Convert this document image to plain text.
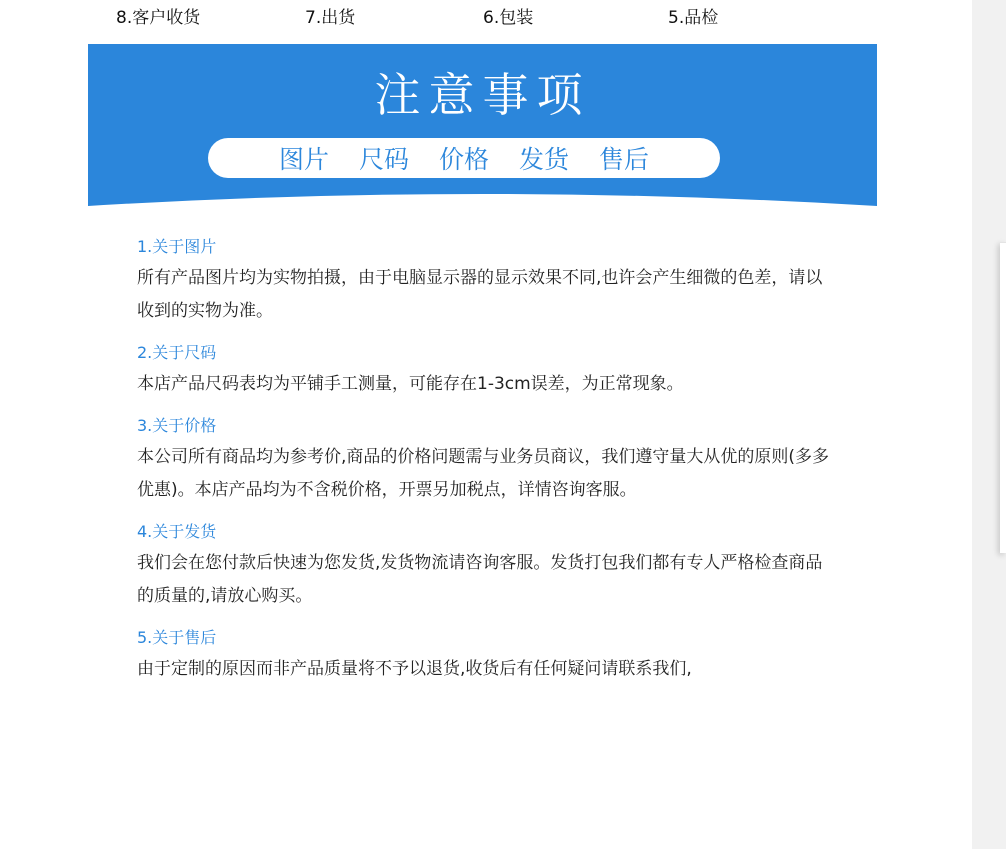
8.客户收货	7.出货	6.包装	5.品检
注意事项
图片 尺码 价格 发货 售后
1.关于图片
所有产品图片均为实物拍摄，由于电脑显示器的显示效果不同,也许会产生细微的色差，请以收到的实物为准。
2.关于尺码
本店产品尺码表均为平铺手工测量，可能存在1-3cm误差，为正常现象。
3.关于价格
本公司所有商品均为参考价,商品的价格问题需与业务员商议，我们遵守量大从优的原则(多多优惠)。本店产品均为不含税价格，开票另加税点，详情咨询客服。
4.关于发货
我们会在您付款后快速为您发货,发货物流请咨询客服。发货打包我们都有专人严格检查商品的质量的,请放心购买。
5.关于售后
由于定制的原因而非产品质量将不予以退货,收货后有任何疑问请联系我们,
